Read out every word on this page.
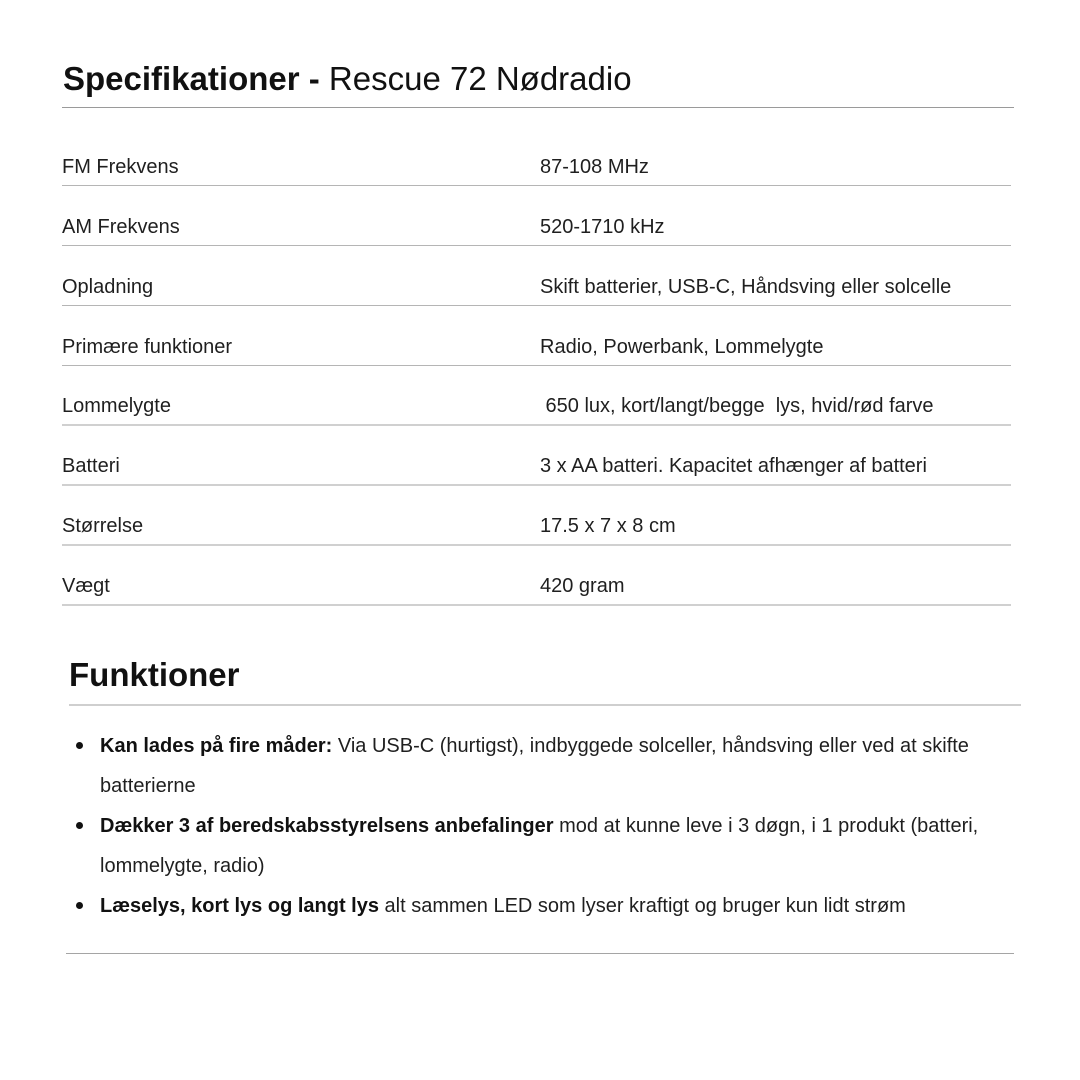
Specifikationer - Rescue 72 Nødradio
FM Frekvens	87-108 MHz
AM Frekvens	520-1710 kHz
Opladning	Skift batterier, USB-C, Håndsving eller solcelle
Primære funktioner	Radio, Powerbank, Lommelygte
Lommelygte	650 lux, kort/langt/begge  lys, hvid/rød farve
Batteri	3 x AA batteri. Kapacitet afhænger af batteri
Størrelse	17.5 x 7 x 8 cm
Vægt	420 gram
Funktioner
Kan lades på fire måder: Via USB-C (hurtigst), indbyggede solceller, håndsving eller ved at skifte batterierne
Dækker 3 af beredskabsstyrelsens anbefalinger mod at kunne leve i 3 døgn, i 1 produkt (batteri, lommelygte, radio)
Læselys, kort lys og langt lys alt sammen LED som lyser kraftigt og bruger kun lidt strøm
